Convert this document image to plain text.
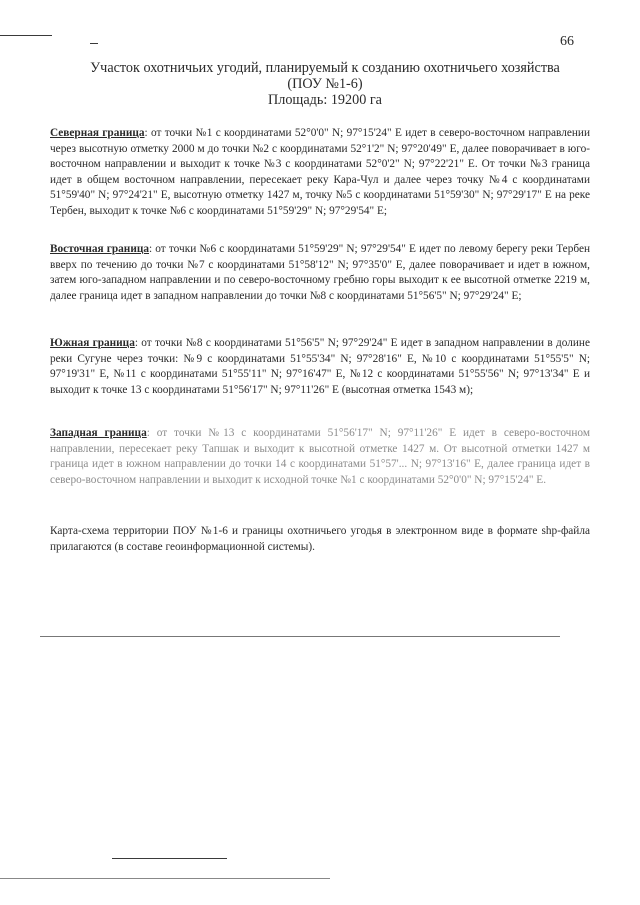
66
Участок охотничьих угодий, планируемый к созданию охотничьего хозяйства
(ПОУ №1-6)
Площадь: 19200 га
Северная граница: от точки №1 с координатами 52°0'0" N; 97°15'24" E идет в северо-восточном направлении через высотную отметку 2000 м до точки №2 с координатами 52°1'2" N; 97°20'49" E, далее поворачивает в юго-восточном направлении и выходит к точке №3 с координатами 52°0'2" N; 97°22'21" E. От точки №3 граница идет в общем восточном направлении, пересекает реку Кара-Чул и далее через точку №4 с координатами 51°59'40" N; 97°24'21" E, высотную отметку 1427 м, точку №5 с координатами 51°59'30" N; 97°29'17" E на реке Тербен, выходит к точке №6 с координатами 51°59'29" N; 97°29'54" E;
Восточная граница: от точки №6 с координатами 51°59'29" N; 97°29'54" E идет по левому берегу реки Тербен вверх по течению до точки №7 с координатами 51°58'12" N; 97°35'0" E, далее поворачивает и идет в южном, затем юго-западном направлении и по северо-восточному гребню горы выходит к ее высотной отметке 2219 м, далее граница идет в западном направлении до точки №8 с координатами 51°56'5" N; 97°29'24" E;
Южная граница: от точки №8 с координатами 51°56'5" N; 97°29'24" E идет в западном направлении в долине реки Сугуне через точки: №9 с координатами 51°55'34" N; 97°28'16" E, №10 с координатами 51°55'5" N; 97°19'31" E, №11 с координатами 51°55'11" N; 97°16'47" E, №12 с координатами 51°55'56" N; 97°13'34" E и выходит к точке 13 с координатами 51°56'17" N; 97°11'26" E (высотная отметка 1543 м);
Западная граница: от точки №13 с координатами 51°56'17" N; 97°11'26" E идет в северо-восточном направлении, пересекает реку Тапшак и выходит к высотной отметке 1427 м. От высотной отметки 1427 м граница идет в южном направлении до точки 14 с координатами 51°57'... N; 97°13'16" E, далее граница идет в северо-восточном направлении и выходит к исходной точке №1 с координатами 52°0'0" N; 97°15'24" E.
Карта-схема территории ПОУ №1-6 и границы охотничьего угодья в электронном виде в формате shp-файла прилагаются (в составе геоинформационной системы).
